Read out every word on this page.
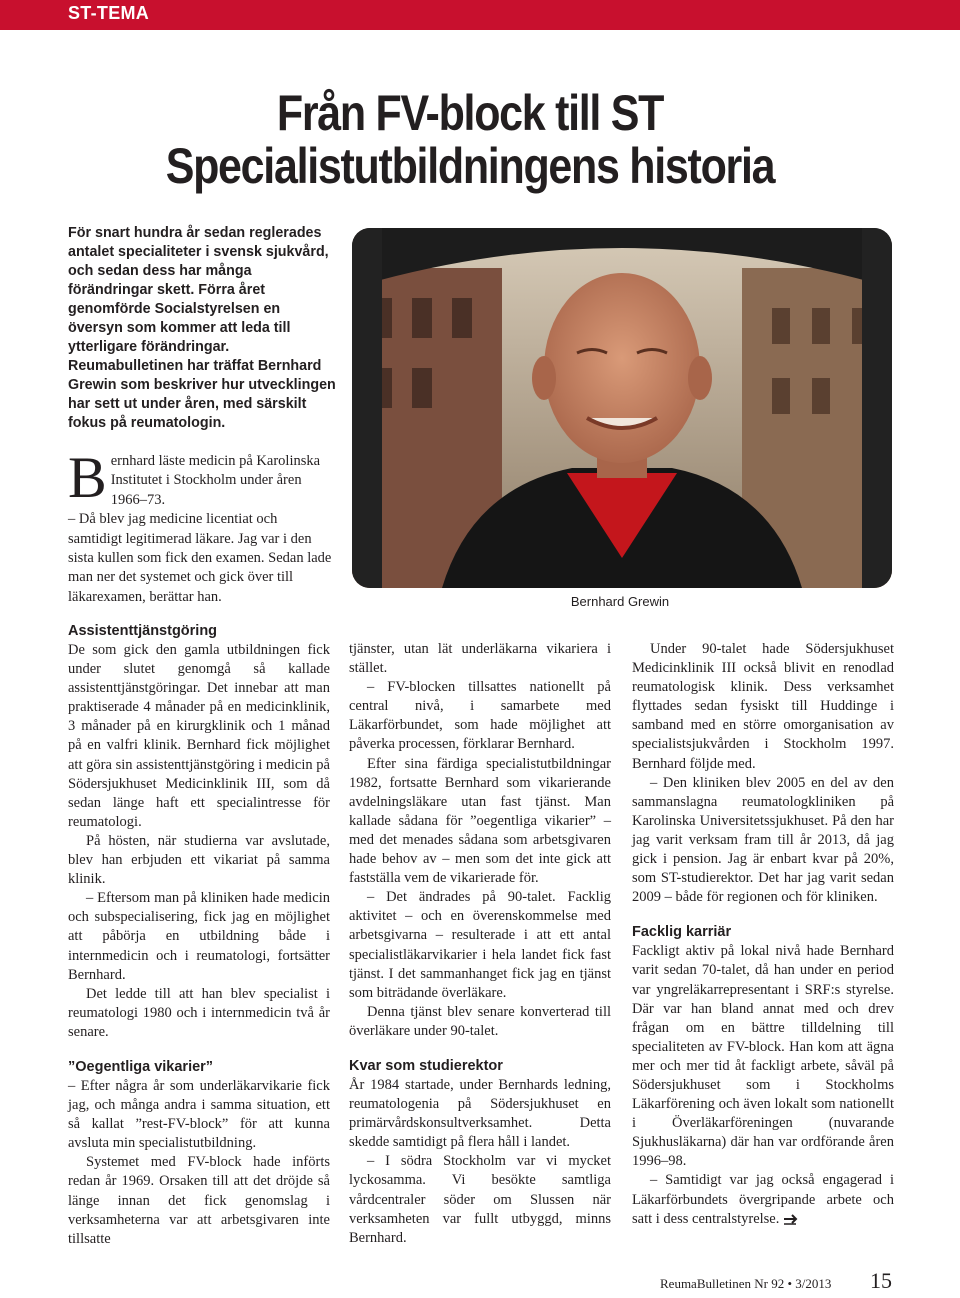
ST-TEMA
Från FV-block till ST
Specialistutbildningens historia

För snart hundra år sedan reglerades antalet specialiteter i svensk sjukvård, och sedan dess har många förändringar skett. Förra året genomförde Socialstyrelsen en översyn som kommer att leda till ytterligare förändringar. Reumabulletinen har träffat Bernhard Grewin som beskriver hur utvecklingen har sett ut under åren, med särskilt fokus på reumatologin.

Bernhard Grewin

Bernhard läste medicin på Karolinska Institutet i Stockholm under åren 1966–73.
– Då blev jag medicine licentiat och samtidigt legitimerad läkare. Jag var i den sista kullen som fick den examen. Sedan lade man ner det systemet och gick över till läkarexamen, berättar han.

Assistenttjänstgöring

De som gick den gamla utbildningen fick under slutet genomgå så kallade assistenttjänstgöringar. Det innebar att man praktiserade 4 månader på en medicinklinik, 3 månader på en kirurgklinik och 1 månad på en valfri klinik. Bernhard fick möjlighet att göra sin assistenttjänstgöring i medicin på Södersjukhuset Medicinklinik III, som då sedan länge haft ett specialintresse för reumatologi.

På hösten, när studierna var avslutade, blev han erbjuden ett vikariat på samma klinik.

– Eftersom man på kliniken hade medicin och subspecialisering, fick jag en möjlighet att påbörja en utbildning både i internmedicin och i reumatologi, fortsätter Bernhard.

Det ledde till att han blev specialist i reumatologi 1980 och i internmedicin två år senare.

”Oegentliga vikarier”

– Efter några år som underläkarvikarie fick jag, och många andra i samma situation, ett så kallat ”rest-FV-block” för att kunna avsluta min specialistutbildning.

Systemet med FV-block hade införts redan år 1969. Orsaken till att det dröjde så länge innan det fick genomslag i verksamheterna var att arbetsgivaren inte tillsatte

tjänster, utan lät underläkarna vikariera i stället.

– FV-blocken tillsattes nationellt på central nivå, i samarbete med Läkarförbundet, som hade möjlighet att påverka processen, förklarar Bernhard.

Efter sina färdiga specialistutbildningar 1982, fortsatte Bernhard som vikarierande avdelningsläkare utan fast tjänst. Man kallade sådana för ”oegentliga vikarier” – med det menades sådana som arbetsgivaren hade behov av – men som det inte gick att fastställa vem de vikarierade för.

– Det ändrades på 90-talet. Facklig aktivitet – och en överenskommelse med arbetsgivarna – resulterade i att ett antal specialistläkarvikarier i hela landet fick fast tjänst. I det sammanhanget fick jag en tjänst som biträdande överläkare.

Denna tjänst blev senare konverterad till överläkare under 90-talet.

Kvar som studierektor

År 1984 startade, under Bernhards ledning, reumatologenia på Södersjukhuset en primärvårdskonsultverksamhet. Detta skedde samtidigt på flera håll i landet.

– I södra Stockholm var vi mycket lyckosamma. Vi besökte samtliga vårdcentraler söder om Slussen när verksamheten var fullt utbyggd, minns Bernhard.

Under 90-talet hade Södersjukhuset Medicinklinik III också blivit en renodlad reumatologisk klinik. Dess verksamhet flyttades sedan fysiskt till Huddinge i samband med en större omorganisation av specialistsjukvården i Stockholm 1997. Bernhard följde med.

– Den kliniken blev 2005 en del av den sammanslagna reumatologkliniken på Karolinska Universitetssjukhuset. På den har jag varit verksam fram till år 2013, då jag gick i pension. Jag är enbart kvar på 20%, som ST-studierektor. Det har jag varit sedan 2009 – både för regionen och för kliniken.

Facklig karriär

Fackligt aktiv på lokal nivå hade Bernhard varit sedan 70-talet, då han under en period var yngreläkarrepresentant i SRF:s styrelse. Där var han bland annat med och drev frågan om en bättre tilldelning till specialiteten av FV-block. Han kom att ägna mer och mer tid åt fackligt arbete, såväl på Södersjukhuset som i Stockholms Läkarförening och även lokalt som nationellt i Överläkarföreningen (nuvarande Sjukhusläkarna) där han var ordförande åren 1996–98.

– Samtidigt var jag också engagerad i Läkarförbundets övergripande arbete och satt i dess centralstyrelse.

ReumaBulletinen Nr 92 • 3/2013	15
